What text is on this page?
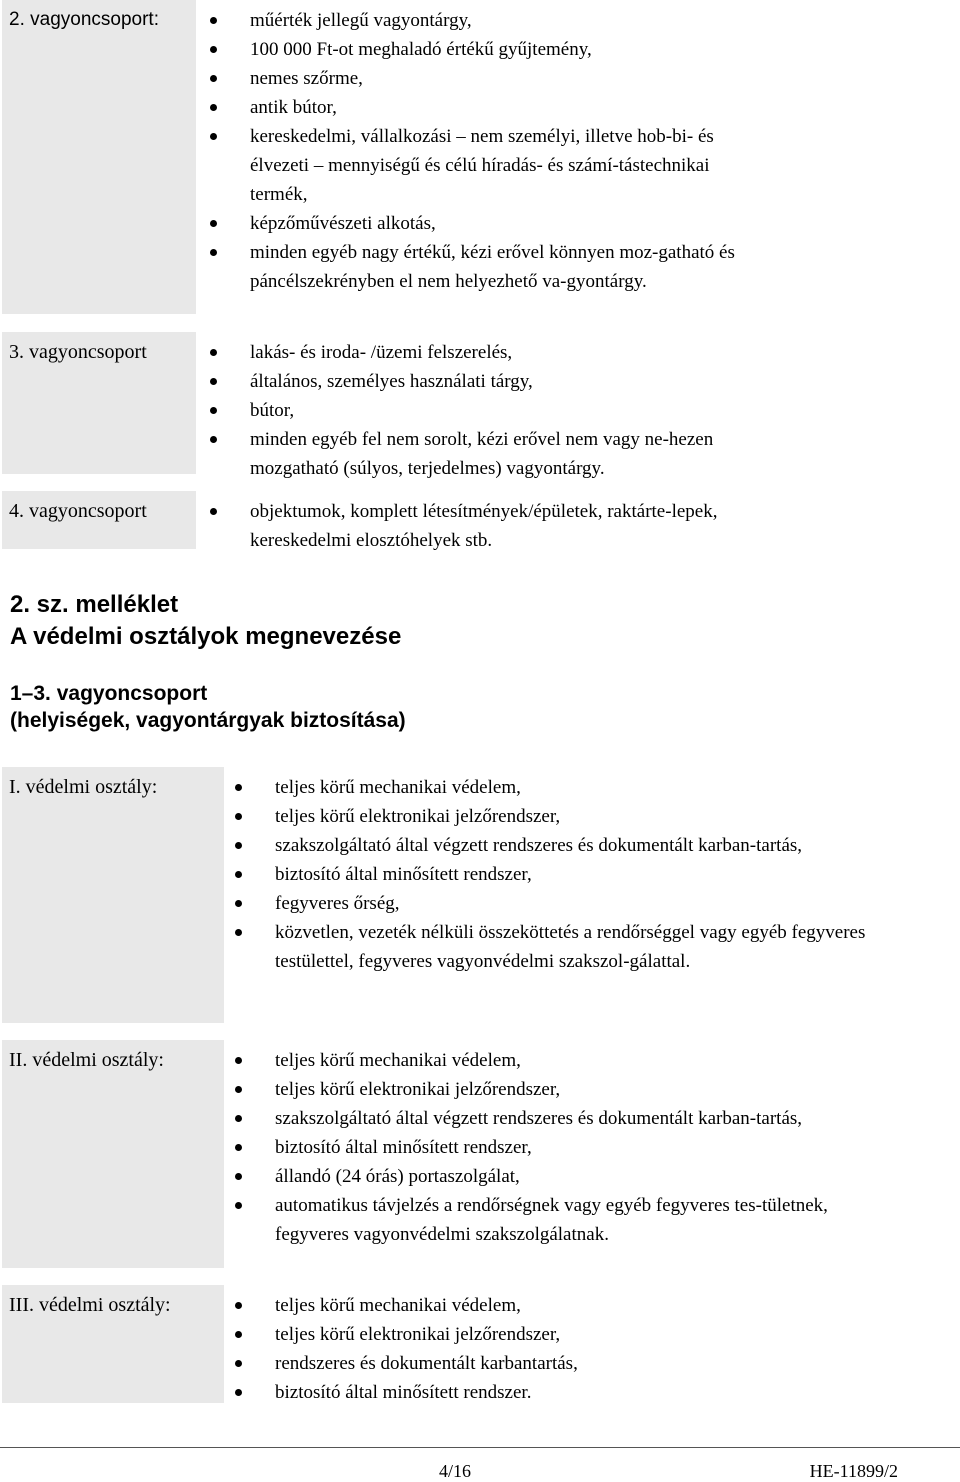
2. vagyoncsoport:	műérték jellegű vagyontárgy,
100 000 Ft-ot meghaladó értékű gyűjtemény,
nemes szőrme,
antik bútor,
kereskedelmi, vállalkozási – nem személyi, illetve hob-bi- és élvezeti – mennyiségű és célú híradás- és számí-tástechnikai termék,
képzőművészeti alkotás,
minden egyéb nagy értékű, kézi erővel könnyen moz-gatható és páncélszekrényben el nem helyezhető va-gyontárgy.
3. vagyoncsoport	lakás- és iroda- /üzemi felszerelés,
általános, személyes használati tárgy,
bútor,
minden egyéb fel nem sorolt, kézi erővel nem vagy ne-hezen mozgatható (súlyos, terjedelmes) vagyontárgy.
4. vagyoncsoport	objektumok, komplett létesítmények/épületek, raktárte-lepek, kereskedelmi elosztóhelyek stb.
2. sz. melléklet
A védelmi osztályok megnevezése
1–3. vagyoncsoport
(helyiségek, vagyontárgyak biztosítása)
I. védelmi osztály:	teljes körű mechanikai védelem,
teljes körű elektronikai jelzőrendszer,
szakszolgáltató által végzett rendszeres és dokumentált karban-tartás,
biztosító által minősített rendszer,
fegyveres őrség,
közvetlen, vezeték nélküli összeköttetés a rendőrséggel vagy egyéb fegyveres testülettel, fegyveres vagyonvédelmi szakszol-gálattal.
II. védelmi osztály:	teljes körű mechanikai védelem,
teljes körű elektronikai jelzőrendszer,
szakszolgáltató által végzett rendszeres és dokumentált karban-tartás,
biztosító által minősített rendszer,
állandó (24 órás) portaszolgálat,
automatikus távjelzés a rendőrségnek vagy egyéb fegyveres tes-tületnek, fegyveres vagyonvédelmi szakszolgálatnak.
III. védelmi osztály:	teljes körű mechanikai védelem,
teljes körű elektronikai jelzőrendszer,
rendszeres és dokumentált karbantartás,
biztosító által minősített rendszer.
4/16	HE-11899/2
